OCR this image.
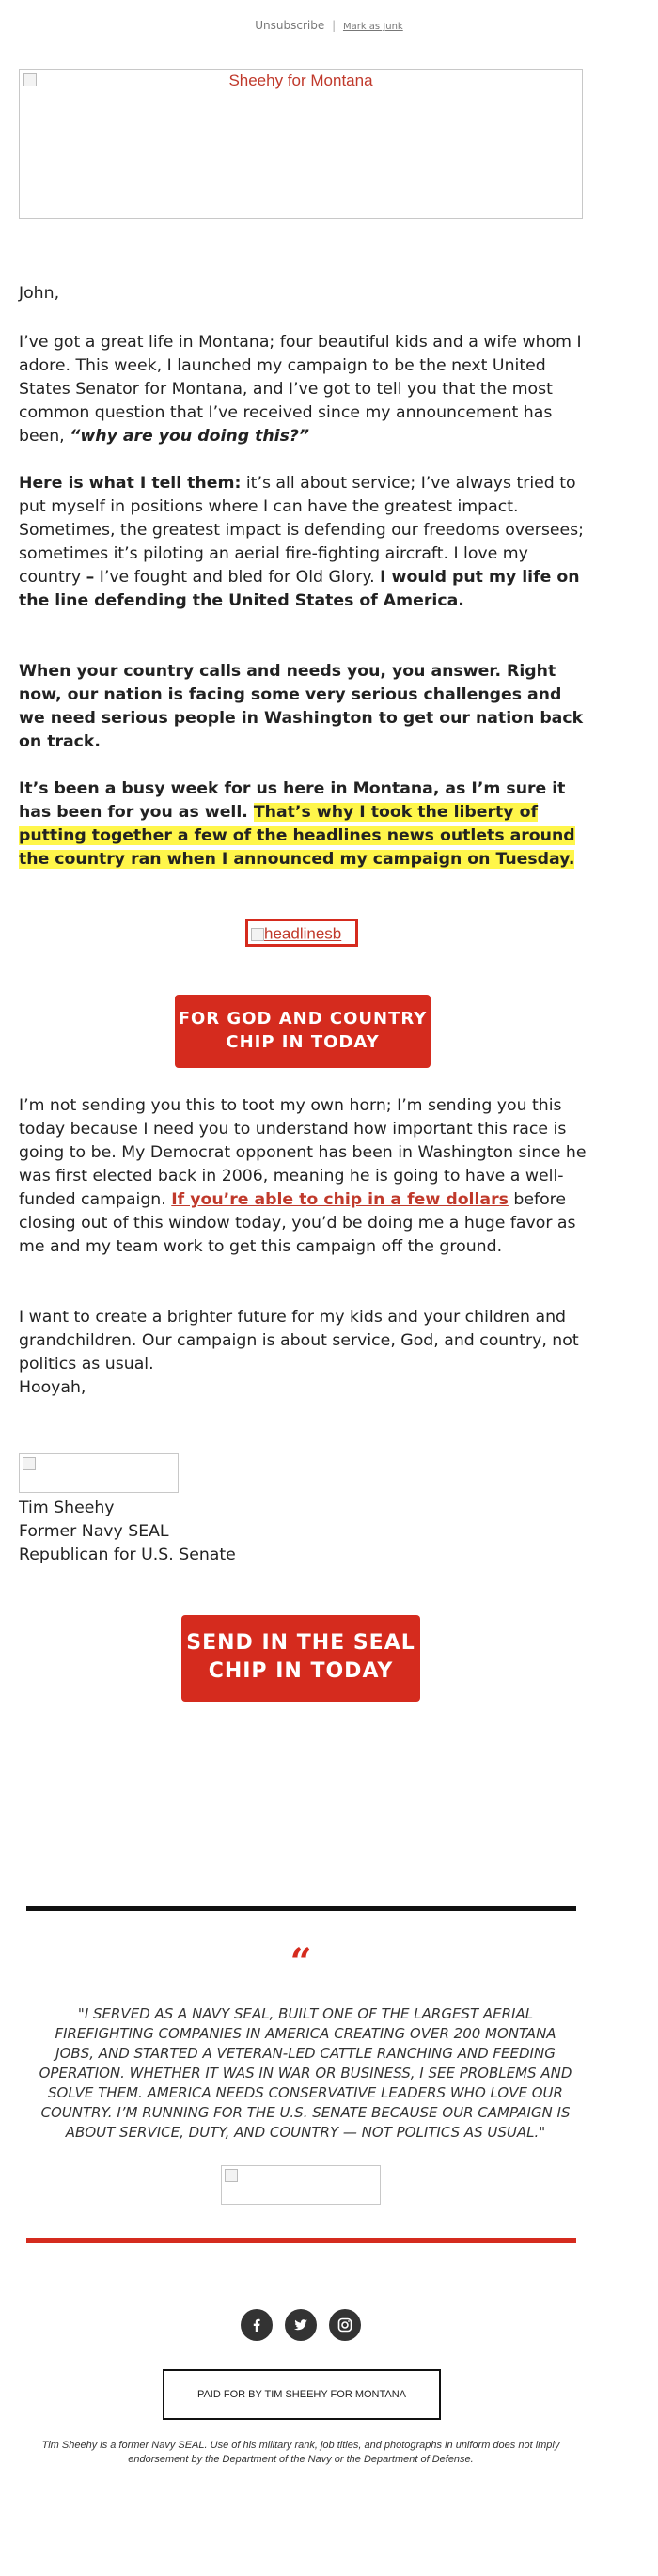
Unsubscribe | Mark as Junk
Sheehy for Montana

John,

I’ve got a great life in Montana; four beautiful kids and a wife whom I adore. This week, I launched my campaign to be the next United States Senator for Montana, and I’ve got to tell you that the most common question that I’ve received since my announcement has been, “why are you doing this?”

Here is what I tell them: it’s all about service; I’ve always tried to put myself in positions where I can have the greatest impact. Sometimes, the greatest impact is defending our freedoms oversees; sometimes it’s piloting an aerial fire-fighting aircraft. I love my country – I’ve fought and bled for Old Glory. I would put my life on the line defending the United States of America.

When your country calls and needs you, you answer. Right now, our nation is facing some very serious challenges and we need serious people in Washington to get our nation back on track.

It’s been a busy week for us here in Montana, as I’m sure it has been for you as well. That’s why I took the liberty of putting together a few of the headlines news outlets around the country ran when I announced my campaign on Tuesday.

headlinesb
FOR GOD AND COUNTRY
CHIP IN TODAY

I’m not sending you this to toot my own horn; I’m sending you this today because I need you to understand how important this race is going to be. My Democrat opponent has been in Washington since he was first elected back in 2006, meaning he is going to have a well-funded campaign. If you’re able to chip in a few dollars before closing out of this window today, you’d be doing me a huge favor as me and my team work to get this campaign off the ground.

I want to create a brighter future for my kids and your children and grandchildren. Our campaign is about service, God, and country, not politics as usual.

Hooyah,

Tim Sheehy

Former Navy SEAL

Republican for U.S. Senate

SEND IN THE SEAL
CHIP IN TODAY
“
"I SERVED AS A NAVY SEAL, BUILT ONE OF THE LARGEST AERIAL FIREFIGHTING COMPANIES IN AMERICA CREATING OVER 200 MONTANA JOBS, AND STARTED A VETERAN-LED CATTLE RANCHING AND FEEDING OPERATION. WHETHER IT WAS IN WAR OR BUSINESS, I SEE PROBLEMS AND SOLVE THEM. AMERICA NEEDS CONSERVATIVE LEADERS WHO LOVE OUR COUNTRY. I’M RUNNING FOR THE U.S. SENATE BECAUSE OUR CAMPAIGN IS ABOUT SERVICE, DUTY, AND COUNTRY — NOT POLITICS AS USUAL."

PAID FOR BY TIM SHEEHY FOR MONTANA
Tim Sheehy is a former Navy SEAL. Use of his military rank, job titles, and photographs in uniform does not imply endorsement by the Department of the Navy or the Department of Defense.
